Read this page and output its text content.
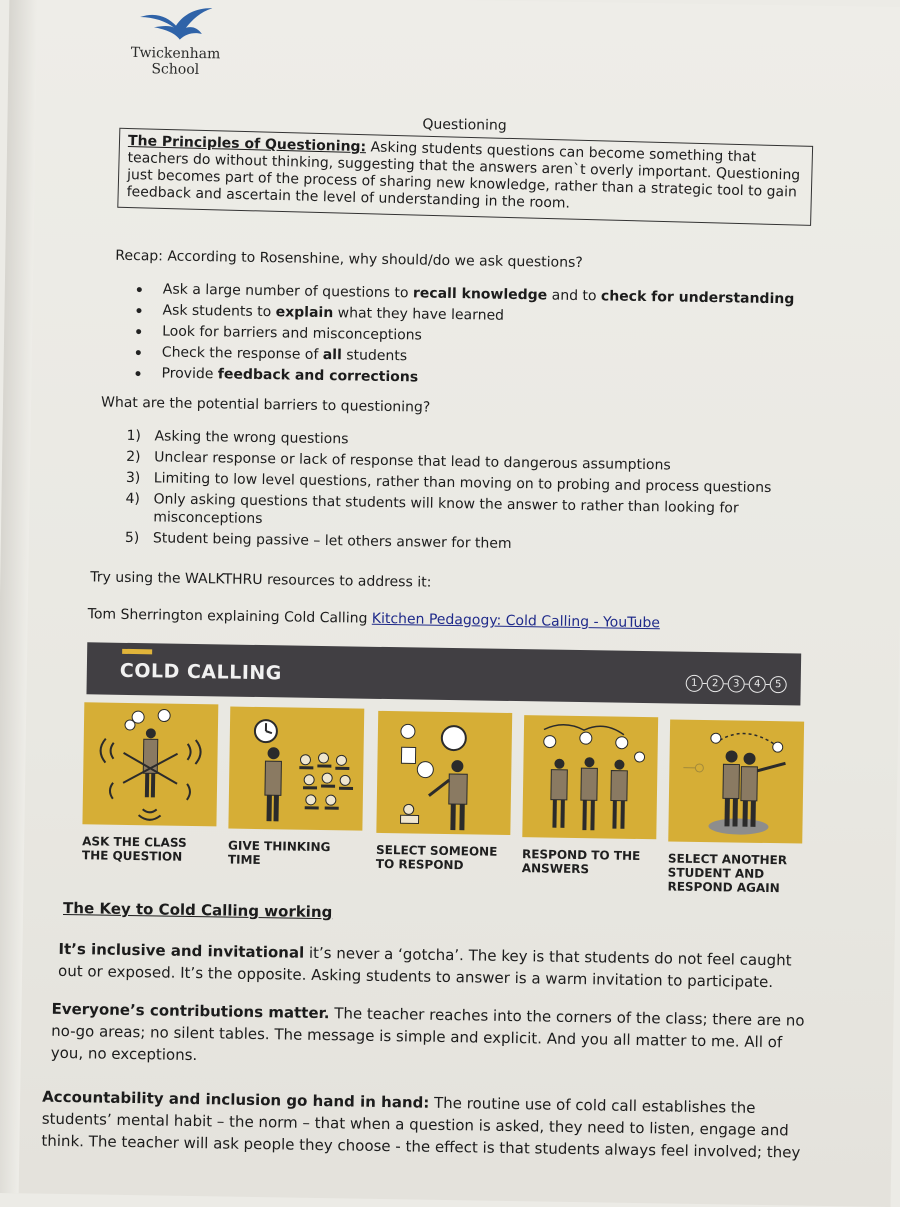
Twickenham
School
Questioning
The Principles of Questioning: Asking students questions can become something that teachers do without thinking, suggesting that the answers aren`t overly important. Questioning just becomes part of the process of sharing new knowledge, rather than a strategic tool to gain feedback and ascertain the level of understanding in the room.
Recap: According to Rosenshine, why should/do we ask questions?
Ask a large number of questions to recall knowledge and to check for understanding
Ask students to explain what they have learned
Look for barriers and misconceptions
Check the response of all students
Provide feedback and corrections
What are the potential barriers to questioning?
1) Asking the wrong questions
2) Unclear response or lack of response that lead to dangerous assumptions
3) Limiting to low level questions, rather than moving on to probing and process questions
4) Only asking questions that students will know the answer to rather than looking for misconceptions
5) Student being passive – let others answer for them
Try using the WALKTHRU resources to address it:
Tom Sherrington explaining Cold Calling Kitchen Pedagogy: Cold Calling - YouTube
COLD CALLING	1	2	3	4	5
ASK THE CLASS THE QUESTION
GIVE THINKING TIME
SELECT SOMEONE TO RESPOND
RESPOND TO THE ANSWERS
SELECT ANOTHER STUDENT AND RESPOND AGAIN
The Key to Cold Calling working
It’s inclusive and invitational it’s never a ‘gotcha’. The key is that students do not feel caught out or exposed. It’s the opposite. Asking students to answer is a warm invitation to participate.
Everyone’s contributions matter. The teacher reaches into the corners of the class; there are no no-go areas; no silent tables. The message is simple and explicit. And you all matter to me. All of you, no exceptions.
Accountability and inclusion go hand in hand: The routine use of cold call establishes the students’ mental habit – the norm – that when a question is asked, they need to listen, engage and think. The teacher will ask people they choose - the effect is that students always feel involved; they
